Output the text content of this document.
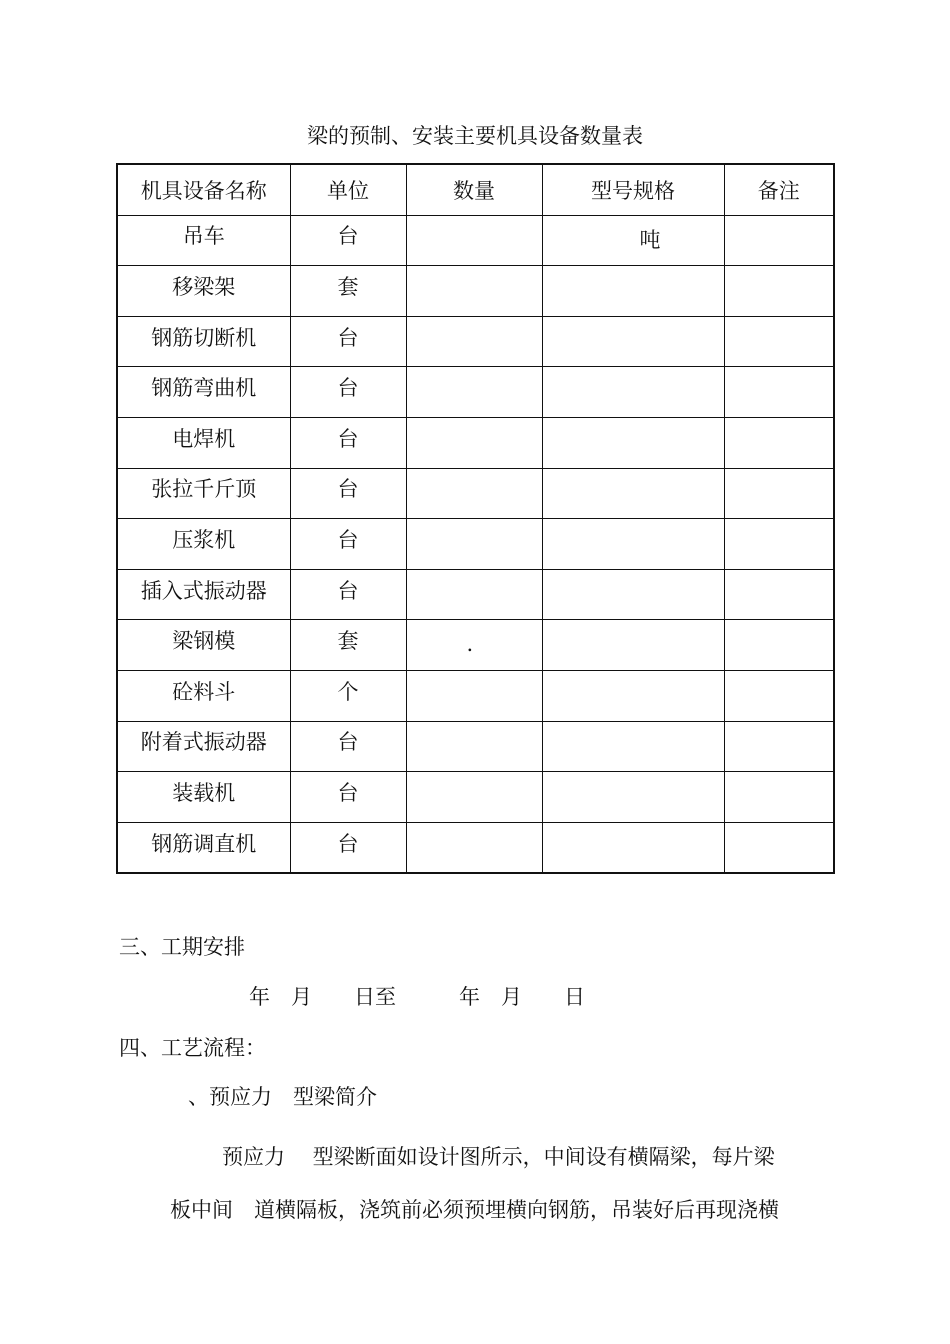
梁的预制、安装主要机具设备数量表
机具设备名称	单位	数量	型号规格	备注

吊车	台		吨	

移梁架	套			

钢筋切断机	台			

钢筋弯曲机	台			

电焊机	台			

张拉千斤顶	台			

压浆机	台			

插入式振动器	台			

梁钢模	套	.		

砼料斗	个			

附着式振动器	台			

装载机	台			

钢筋调直机	台			

三、工期安排
年　月　　日至　　　年　月　　日
四、工艺流程：
、预应力　型梁简介
预应力　 型梁断面如设计图所示，中间设有横隔梁，每片梁
板中间　道横隔板，浇筑前必须预埋横向钢筋，吊装好后再现浇横
